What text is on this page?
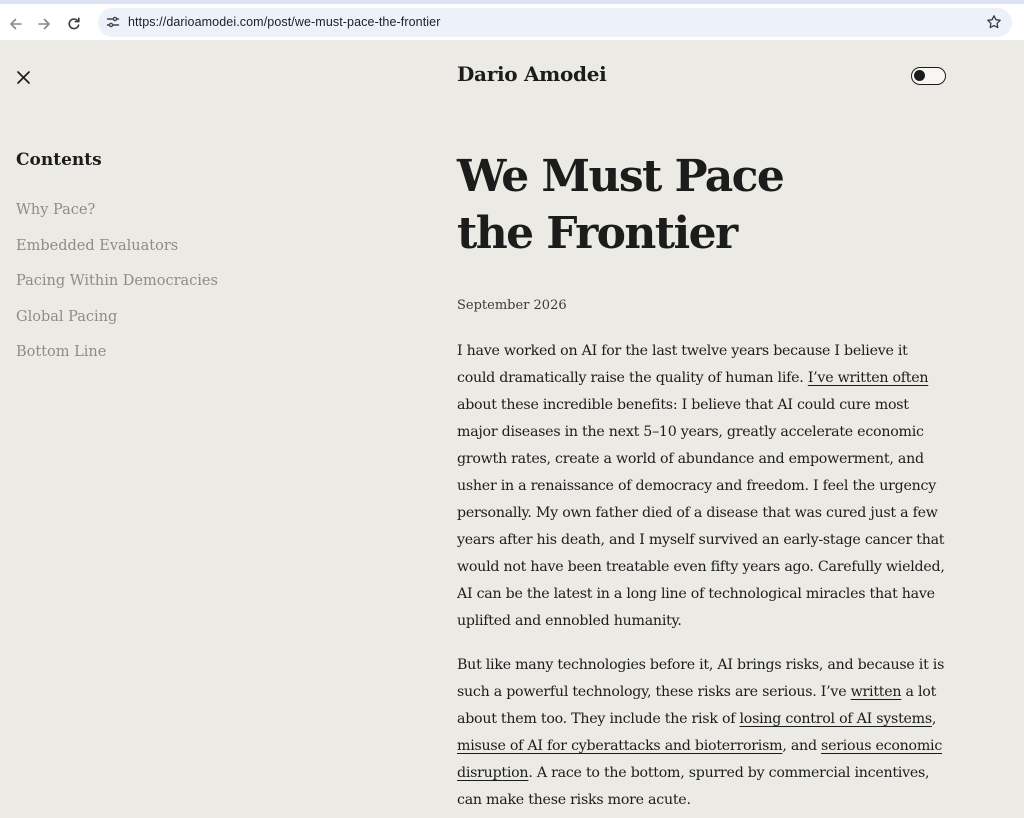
https://darioamodei.com/post/we-must-pace-the-frontier
Dario Amodei
Contents
Why Pace?
Embedded Evaluators
Pacing Within Democracies
Global Pacing
Bottom Line
We Must Pace
the Frontier
September 2026

I have worked on AI for the last twelve years because I believe it could dramatically raise the quality of human life. I’ve written often about these incredible benefits: I believe that AI could cure most major diseases in the next 5–10 years, greatly accelerate economic growth rates, create a world of abundance and empowerment, and usher in a renaissance of democracy and freedom. I feel the urgency personally. My own father died of a disease that was cured just a few years after his death, and I myself survived an early-stage cancer that would not have been treatable even fifty years ago. Carefully wielded, AI can be the latest in a long line of technological miracles that have uplifted and ennobled humanity.

But like many technologies before it, AI brings risks, and because it is such a powerful technology, these risks are serious. I’ve written a lot about them too. They include the risk of losing control of AI systems, misuse of AI for cyberattacks and bioterrorism, and serious economic disruption. A race to the bottom, spurred by commercial incentives, can make these risks more acute.
